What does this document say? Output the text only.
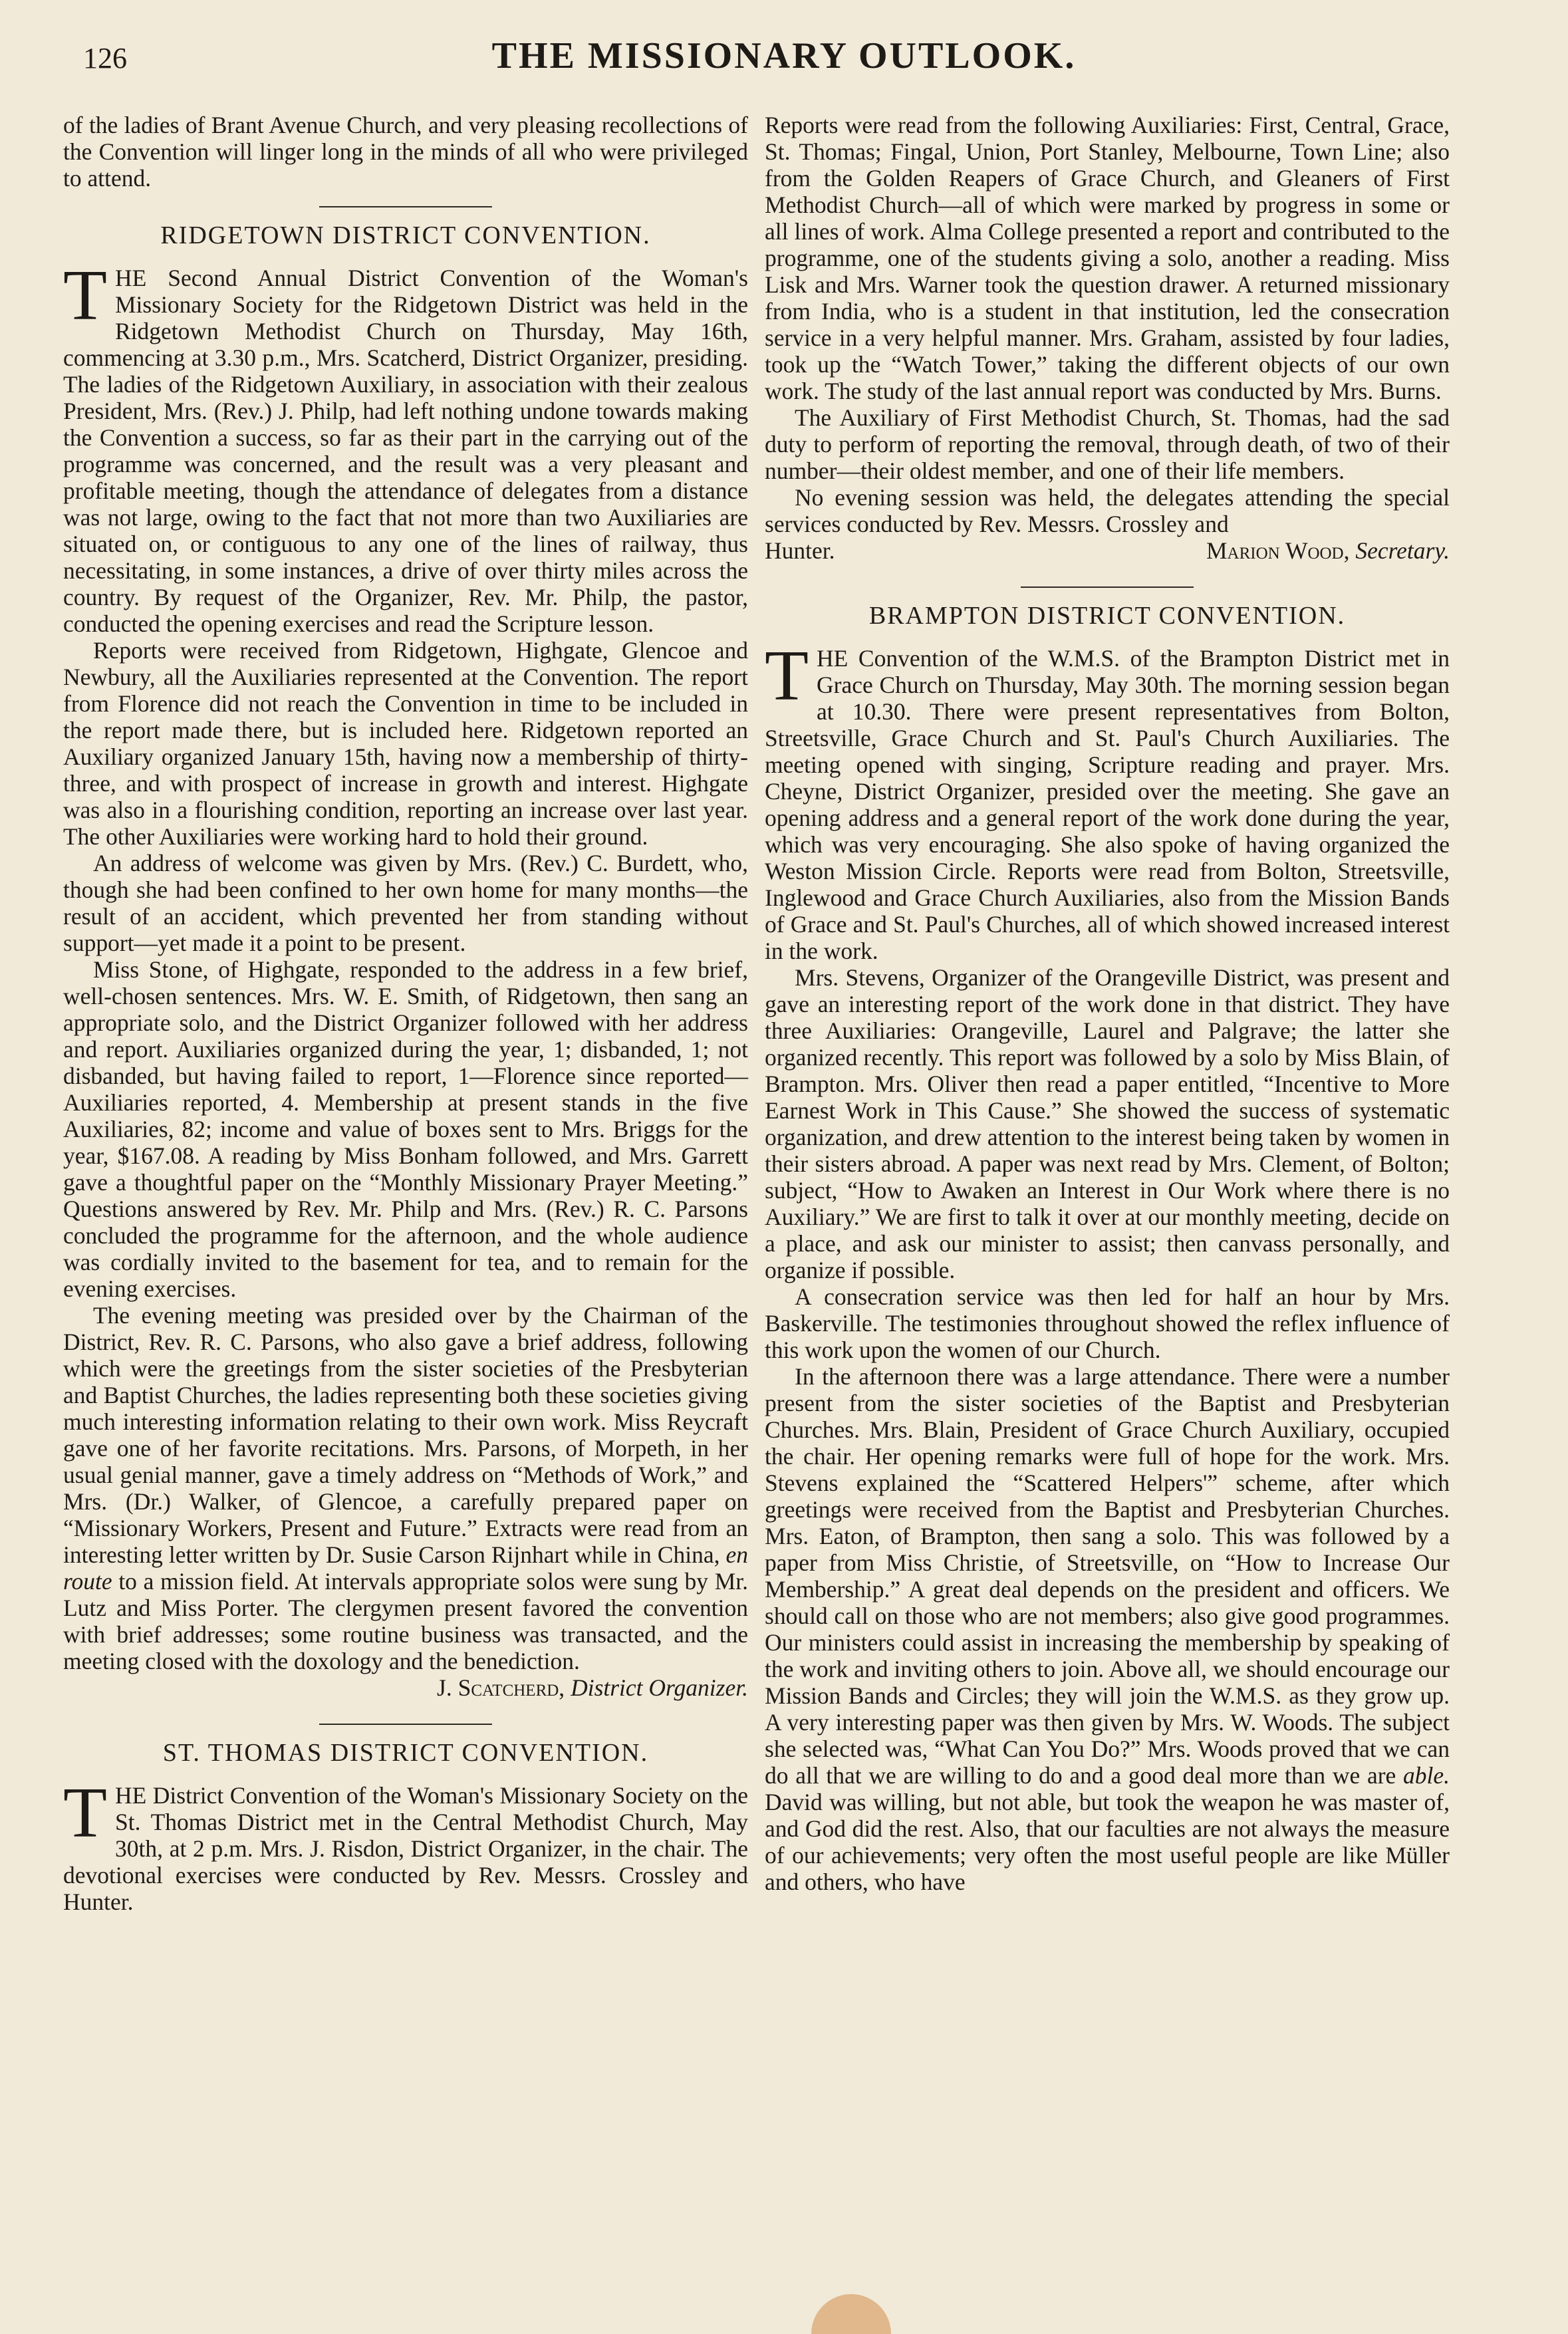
126	THE MISSIONARY OUTLOOK.

of the ladies of Brant Avenue Church, and very pleasing recollections of the Convention will linger long in the minds of all who were privileged to attend.

RIDGETOWN DISTRICT CONVENTION.

THE Second Annual District Convention of the Woman's Missionary Society for the Ridgetown District was held in the Ridgetown Methodist Church on Thursday, May 16th, commencing at 3.30 p.m., Mrs. Scatcherd, District Organizer, presiding. The ladies of the Ridgetown Auxiliary, in association with their zealous President, Mrs. (Rev.) J. Philp, had left nothing undone towards making the Convention a success, so far as their part in the carrying out of the programme was concerned, and the result was a very pleasant and profitable meeting, though the attendance of delegates from a distance was not large, owing to the fact that not more than two Auxiliaries are situated on, or contiguous to any one of the lines of railway, thus necessitating, in some instances, a drive of over thirty miles across the country. By request of the Organizer, Rev. Mr. Philp, the pastor, conducted the opening exercises and read the Scripture lesson.

Reports were received from Ridgetown, Highgate, Glencoe and Newbury, all the Auxiliaries represented at the Convention. The report from Florence did not reach the Convention in time to be included in the report made there, but is included here. Ridgetown reported an Auxiliary organized January 15th, having now a membership of thirty-three, and with prospect of increase in growth and interest. Highgate was also in a flourishing condition, reporting an increase over last year. The other Auxiliaries were working hard to hold their ground.

An address of welcome was given by Mrs. (Rev.) C. Burdett, who, though she had been confined to her own home for many months—the result of an accident, which prevented her from standing without support—yet made it a point to be present.

Miss Stone, of Highgate, responded to the address in a few brief, well-chosen sentences. Mrs. W. E. Smith, of Ridgetown, then sang an appropriate solo, and the District Organizer followed with her address and report. Auxiliaries organized during the year, 1; disbanded, 1; not disbanded, but having failed to report, 1—Florence since reported—Auxiliaries reported, 4. Membership at present stands in the five Auxiliaries, 82; income and value of boxes sent to Mrs. Briggs for the year, $167.08. A reading by Miss Bonham followed, and Mrs. Garrett gave a thoughtful paper on the “Monthly Missionary Prayer Meeting.” Questions answered by Rev. Mr. Philp and Mrs. (Rev.) R. C. Parsons concluded the programme for the afternoon, and the whole audience was cordially invited to the basement for tea, and to remain for the evening exercises.

The evening meeting was presided over by the Chairman of the District, Rev. R. C. Parsons, who also gave a brief address, following which were the greetings from the sister societies of the Presbyterian and Baptist Churches, the ladies representing both these societies giving much interesting information relating to their own work. Miss Reycraft gave one of her favorite recitations. Mrs. Parsons, of Morpeth, in her usual genial manner, gave a timely address on “Methods of Work,” and Mrs. (Dr.) Walker, of Glencoe, a carefully prepared paper on “Missionary Workers, Present and Future.” Extracts were read from an interesting letter written by Dr. Susie Carson Rijnhart while in China, en route to a mission field. At intervals appropriate solos were sung by Mr. Lutz and Miss Porter. The clergymen present favored the convention with brief addresses; some routine business was transacted, and the meeting closed with the doxology and the benediction.

J. Scatcherd, District Organizer.

ST. THOMAS DISTRICT CONVENTION.

THE District Convention of the Woman's Missionary Society on the St. Thomas District met in the Central Methodist Church, May 30th, at 2 p.m. Mrs. J. Risdon, District Organizer, in the chair. The devotional exercises were conducted by Rev. Messrs. Crossley and Hunter.

Reports were read from the following Auxiliaries: First, Central, Grace, St. Thomas; Fingal, Union, Port Stanley, Melbourne, Town Line; also from the Golden Reapers of Grace Church, and Gleaners of First Methodist Church—all of which were marked by progress in some or all lines of work. Alma College presented a report and contributed to the programme, one of the students giving a solo, another a reading. Miss Lisk and Mrs. Warner took the question drawer. A returned missionary from India, who is a student in that institution, led the consecration service in a very helpful manner. Mrs. Graham, assisted by four ladies, took up the “Watch Tower,” taking the different objects of our own work. The study of the last annual report was conducted by Mrs. Burns.

The Auxiliary of First Methodist Church, St. Thomas, had the sad duty to perform of reporting the removal, through death, of two of their number—their oldest member, and one of their life members.

No evening session was held, the delegates attending the special services conducted by Rev. Messrs. Crossley and

Hunter.	Marion Wood, Secretary.

BRAMPTON DISTRICT CONVENTION.

THE Convention of the W.M.S. of the Brampton District met in Grace Church on Thursday, May 30th. The morning session began at 10.30. There were present representatives from Bolton, Streetsville, Grace Church and St. Paul's Church Auxiliaries. The meeting opened with singing, Scripture reading and prayer. Mrs. Cheyne, District Organizer, presided over the meeting. She gave an opening address and a general report of the work done during the year, which was very encouraging. She also spoke of having organized the Weston Mission Circle. Reports were read from Bolton, Streetsville, Inglewood and Grace Church Auxiliaries, also from the Mission Bands of Grace and St. Paul's Churches, all of which showed increased interest in the work.

Mrs. Stevens, Organizer of the Orangeville District, was present and gave an interesting report of the work done in that district. They have three Auxiliaries: Orangeville, Laurel and Palgrave; the latter she organized recently. This report was followed by a solo by Miss Blain, of Brampton. Mrs. Oliver then read a paper entitled, “Incentive to More Earnest Work in This Cause.” She showed the success of systematic organization, and drew attention to the interest being taken by women in their sisters abroad. A paper was next read by Mrs. Clement, of Bolton; subject, “How to Awaken an Interest in Our Work where there is no Auxiliary.” We are first to talk it over at our monthly meeting, decide on a place, and ask our minister to assist; then canvass personally, and organize if possible.

A consecration service was then led for half an hour by Mrs. Baskerville. The testimonies throughout showed the reflex influence of this work upon the women of our Church.

In the afternoon there was a large attendance. There were a number present from the sister societies of the Baptist and Presbyterian Churches. Mrs. Blain, President of Grace Church Auxiliary, occupied the chair. Her opening remarks were full of hope for the work. Mrs. Stevens explained the “Scattered Helpers'” scheme, after which greetings were received from the Baptist and Presbyterian Churches. Mrs. Eaton, of Brampton, then sang a solo. This was followed by a paper from Miss Christie, of Streetsville, on “How to Increase Our Membership.” A great deal depends on the president and officers. We should call on those who are not members; also give good programmes. Our ministers could assist in increasing the membership by speaking of the work and inviting others to join. Above all, we should encourage our Mission Bands and Circles; they will join the W.M.S. as they grow up. A very interesting paper was then given by Mrs. W. Woods. The subject she selected was, “What Can You Do?” Mrs. Woods proved that we can do all that we are willing to do and a good deal more than we are able. David was willing, but not able, but took the weapon he was master of, and God did the rest. Also, that our faculties are not always the measure of our achievements; very often the most useful people are like Müller and others, who have
